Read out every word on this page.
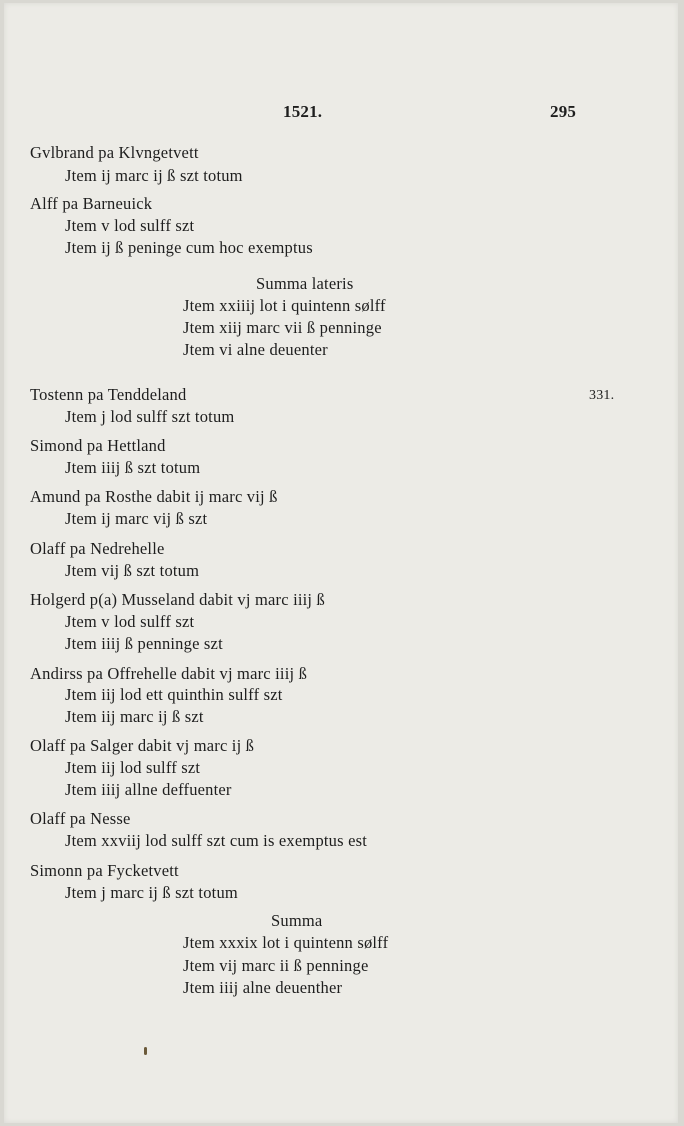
1521.	295
Gvlbrand pa Klvngetvett
Jtem ij marc ij ß szt totum
Alff pa Barneuick
Jtem v lod sulff szt
Jtem ij ß peninge cum hoc exemptus
Summa lateris
Jtem xxiiij lot i quintenn sølff
Jtem xiij marc vii ß penninge
Jtem vi alne deuenter
Tostenn pa Tenddeland	331.
Jtem j lod sulff szt totum
Simond pa Hettland
Jtem iiij ß szt totum
Amund pa Rosthe dabit ij marc vij ß
Jtem ij marc vij ß szt
Olaff pa Nedrehelle
Jtem vij ß szt totum
Holgerd p(a) Musseland dabit vj marc iiij ß
Jtem v lod sulff szt
Jtem iiij ß penninge szt
Andirss pa Offrehelle dabit vj marc iiij ß
Jtem iij lod ett quinthin sulff szt
Jtem iij marc ij ß szt
Olaff pa Salger dabit vj marc ij ß
Jtem iij lod sulff szt
Jtem iiij allne deffuenter
Olaff pa Nesse
Jtem xxviij lod sulff szt cum is exemptus est
Simonn pa Fycketvett
Jtem j marc ij ß szt totum
Summa
Jtem xxxix lot i quintenn sølff
Jtem vij marc ii ß penninge
Jtem iiij alne deuenther
